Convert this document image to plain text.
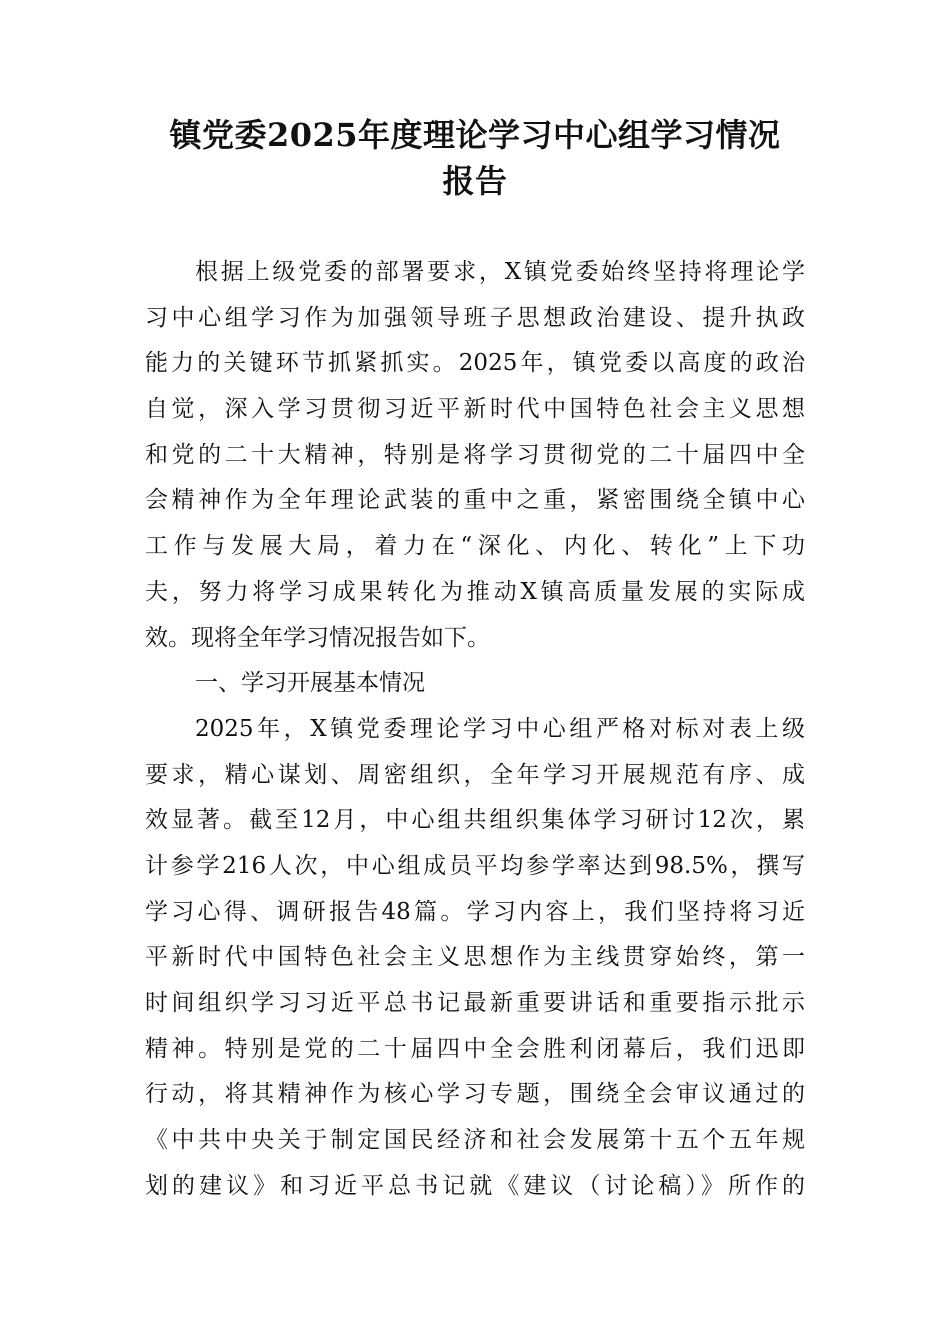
镇党委2025年度理论学习中心组学习情况
报告
根据上级党委的部署要求，X镇党委始终坚持将理论学
习中心组学习作为加强领导班子思想政治建设、提升执政
能力的关键环节抓紧抓实。2025年，镇党委以高度的政治
自觉，深入学习贯彻习近平新时代中国特色社会主义思想
和党的二十大精神，特别是将学习贯彻党的二十届四中全
会精神作为全年理论武装的重中之重，紧密围绕全镇中心
工作与发展大局，着力在“深化、内化、转化”上下功
夫，努力将学习成果转化为推动X镇高质量发展的实际成
效。现将全年学习情况报告如下。
一、学习开展基本情况
2025年，X镇党委理论学习中心组严格对标对表上级
要求，精心谋划、周密组织，全年学习开展规范有序、成
效显著。截至12月，中心组共组织集体学习研讨12次，累
计参学216人次，中心组成员平均参学率达到98.5%，撰写
学习心得、调研报告48篇。学习内容上，我们坚持将习近
平新时代中国特色社会主义思想作为主线贯穿始终，第一
时间组织学习习近平总书记最新重要讲话和重要指示批示
精神。特别是党的二十届四中全会胜利闭幕后，我们迅即
行动，将其精神作为核心学习专题，围绕全会审议通过的
《中共中央关于制定国民经济和社会发展第十五个五年规
划的建议》和习近平总书记就《建议（讨论稿）》所作的
